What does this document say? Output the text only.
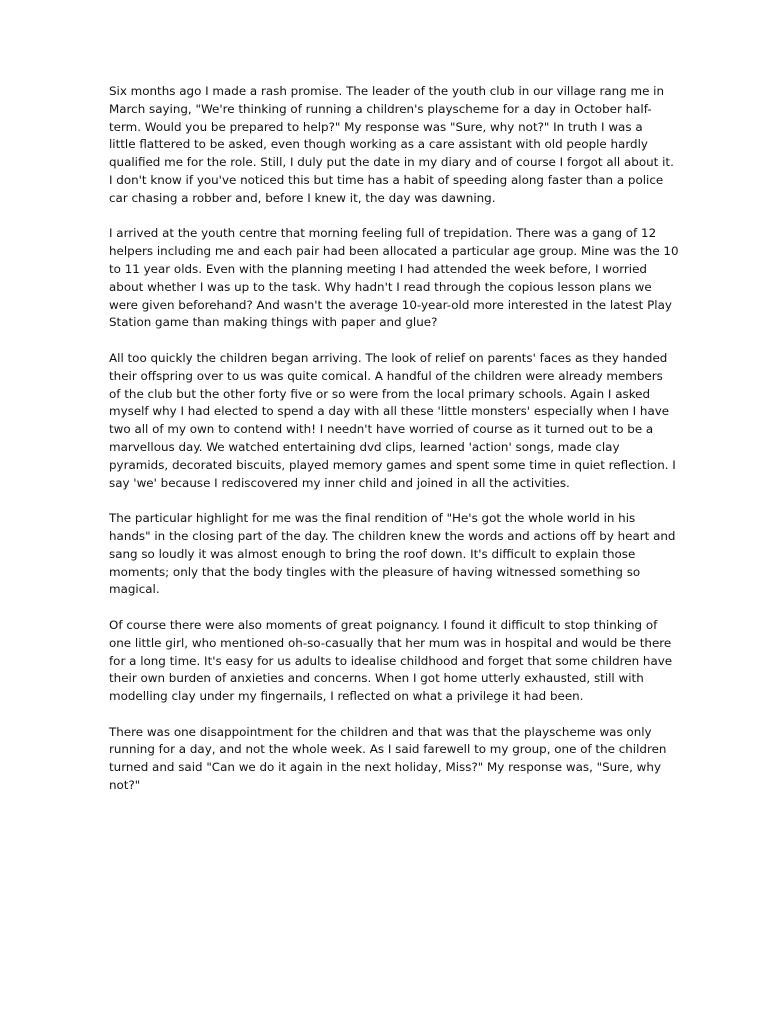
Six months ago I made a rash promise. The leader of the youth club in our village rang me in
March saying, "We're thinking of running a children's playscheme for a day in October half-
term. Would you be prepared to help?" My response was "Sure, why not?" In truth I was a
little flattered to be asked, even though working as a care assistant with old people hardly
qualified me for the role. Still, I duly put the date in my diary and of course I forgot all about it.
I don't know if you've noticed this but time has a habit of speeding along faster than a police
car chasing a robber and, before I knew it, the day was dawning.

I arrived at the youth centre that morning feeling full of trepidation. There was a gang of 12
helpers including me and each pair had been allocated a particular age group. Mine was the 10
to 11 year olds. Even with the planning meeting I had attended the week before, I worried
about whether I was up to the task. Why hadn't I read through the copious lesson plans we
were given beforehand? And wasn't the average 10-year-old more interested in the latest Play
Station game than making things with paper and glue?

All too quickly the children began arriving. The look of relief on parents' faces as they handed
their offspring over to us was quite comical. A handful of the children were already members
of the club but the other forty five or so were from the local primary schools. Again I asked
myself why I had elected to spend a day with all these 'little monsters' especially when I have
two all of my own to contend with! I needn't have worried of course as it turned out to be a
marvellous day. We watched entertaining dvd clips, learned 'action' songs, made clay
pyramids, decorated biscuits, played memory games and spent some time in quiet reflection. I
say 'we' because I rediscovered my inner child and joined in all the activities.

The particular highlight for me was the final rendition of "He's got the whole world in his
hands" in the closing part of the day. The children knew the words and actions off by heart and
sang so loudly it was almost enough to bring the roof down. It's difficult to explain those
moments; only that the body tingles with the pleasure of having witnessed something so
magical.

Of course there were also moments of great poignancy. I found it difficult to stop thinking of
one little girl, who mentioned oh-so-casually that her mum was in hospital and would be there
for a long time. It's easy for us adults to idealise childhood and forget that some children have
their own burden of anxieties and concerns. When I got home utterly exhausted, still with
modelling clay under my fingernails, I reflected on what a privilege it had been.

There was one disappointment for the children and that was that the playscheme was only
running for a day, and not the whole week. As I said farewell to my group, one of the children
turned and said "Can we do it again in the next holiday, Miss?" My response was, "Sure, why
not?"
